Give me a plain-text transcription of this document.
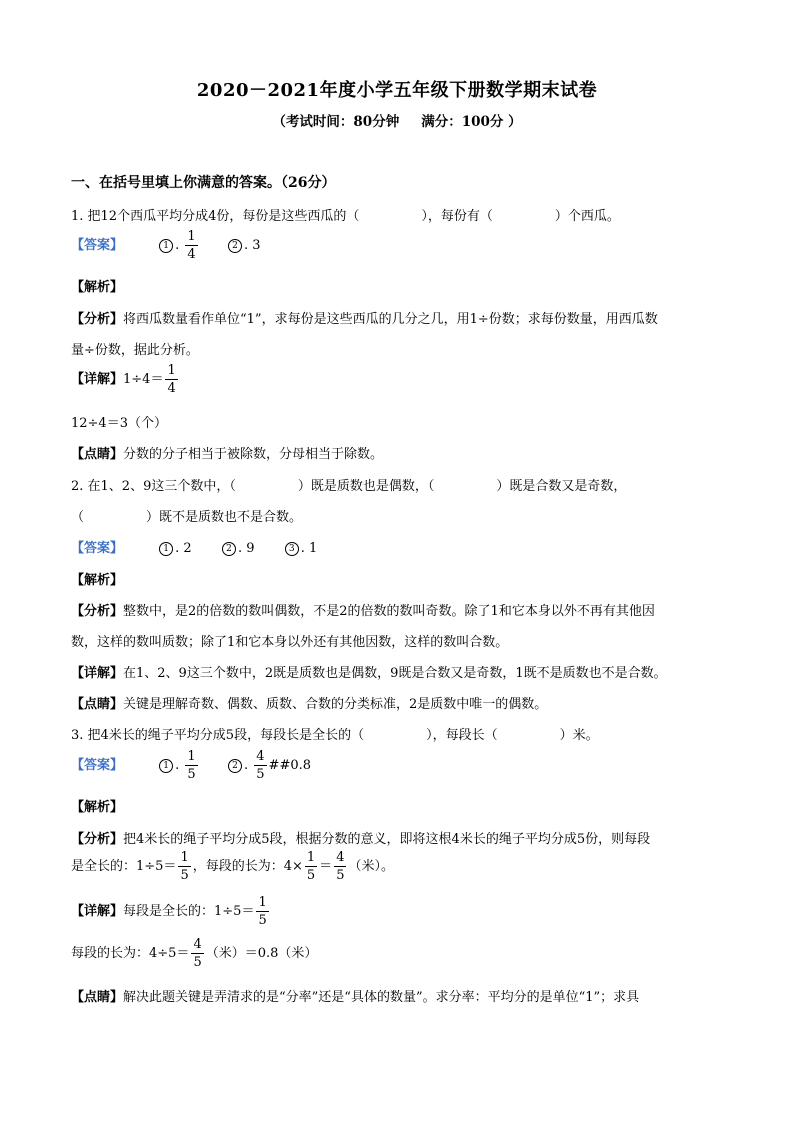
2020－2021年度小学五年级下册数学期末试卷
（考试时间：80分钟 满分：100分 ）
一、在括号里填上你满意的答案。（26分）
1. 把12个西瓜平均分成4份，每份是这些西瓜的（	），每份有（	）个西瓜。
【答案】	1 . $\frac{1}{4}$	2 . 3
【解析】
【分析】将西瓜数量看作单位“1”，求每份是这些西瓜的几分之几，用1÷份数；求每份数量，用西瓜数
量÷份数，据此分析。
【详解】$1\div 4= \frac{1}{4}$
12÷4＝3（个）
【点睛】分数的分子相当于被除数，分母相当于除数。
2. 在1、2、9这三个数中，（	）既是质数也是偶数，（	）既是合数又是奇数，
（	）既不是质数也不是合数。
【答案】	1 . 2	2 . 9	3 . 1
【解析】
【分析】整数中，是2的倍数的数叫偶数，不是2的倍数的数叫奇数。除了1和它本身以外不再有其他因
数，这样的数叫质数；除了1和它本身以外还有其他因数，这样的数叫合数。
【详解】在1、2、9这三个数中，2既是质数也是偶数，9既是合数又是奇数，1既不是质数也不是合数。
【点睛】关键是理解奇数、偶数、质数、合数的分类标准，2是质数中唯一的偶数。
3. 把4米长的绳子平均分成5段，每段长是全长的（	），每段长（	）米。
【答案】	1 . $\frac{1}{5}$	2 . $\frac{4}{5}$ ##0.8
【解析】
【分析】把4米长的绳子平均分成5段，根据分数的意义，即将这根4米长的绳子平均分成5份，则每段
是全长的：$1\div 5= \frac{1}{5}$ ，每段的长为：$4\times \frac{1}{5} = \frac{4}{5}$ （米）。
【详解】每段是全长的：$1\div 5= \frac{1}{5}$
每段的长为：$4\div 5= \frac{4}{5}$ （米）＝0.8（米）
【点睛】解决此题关键是弄清求的是“分率”还是“具体的数量”。求分率：平均分的是单位“1”；求具
